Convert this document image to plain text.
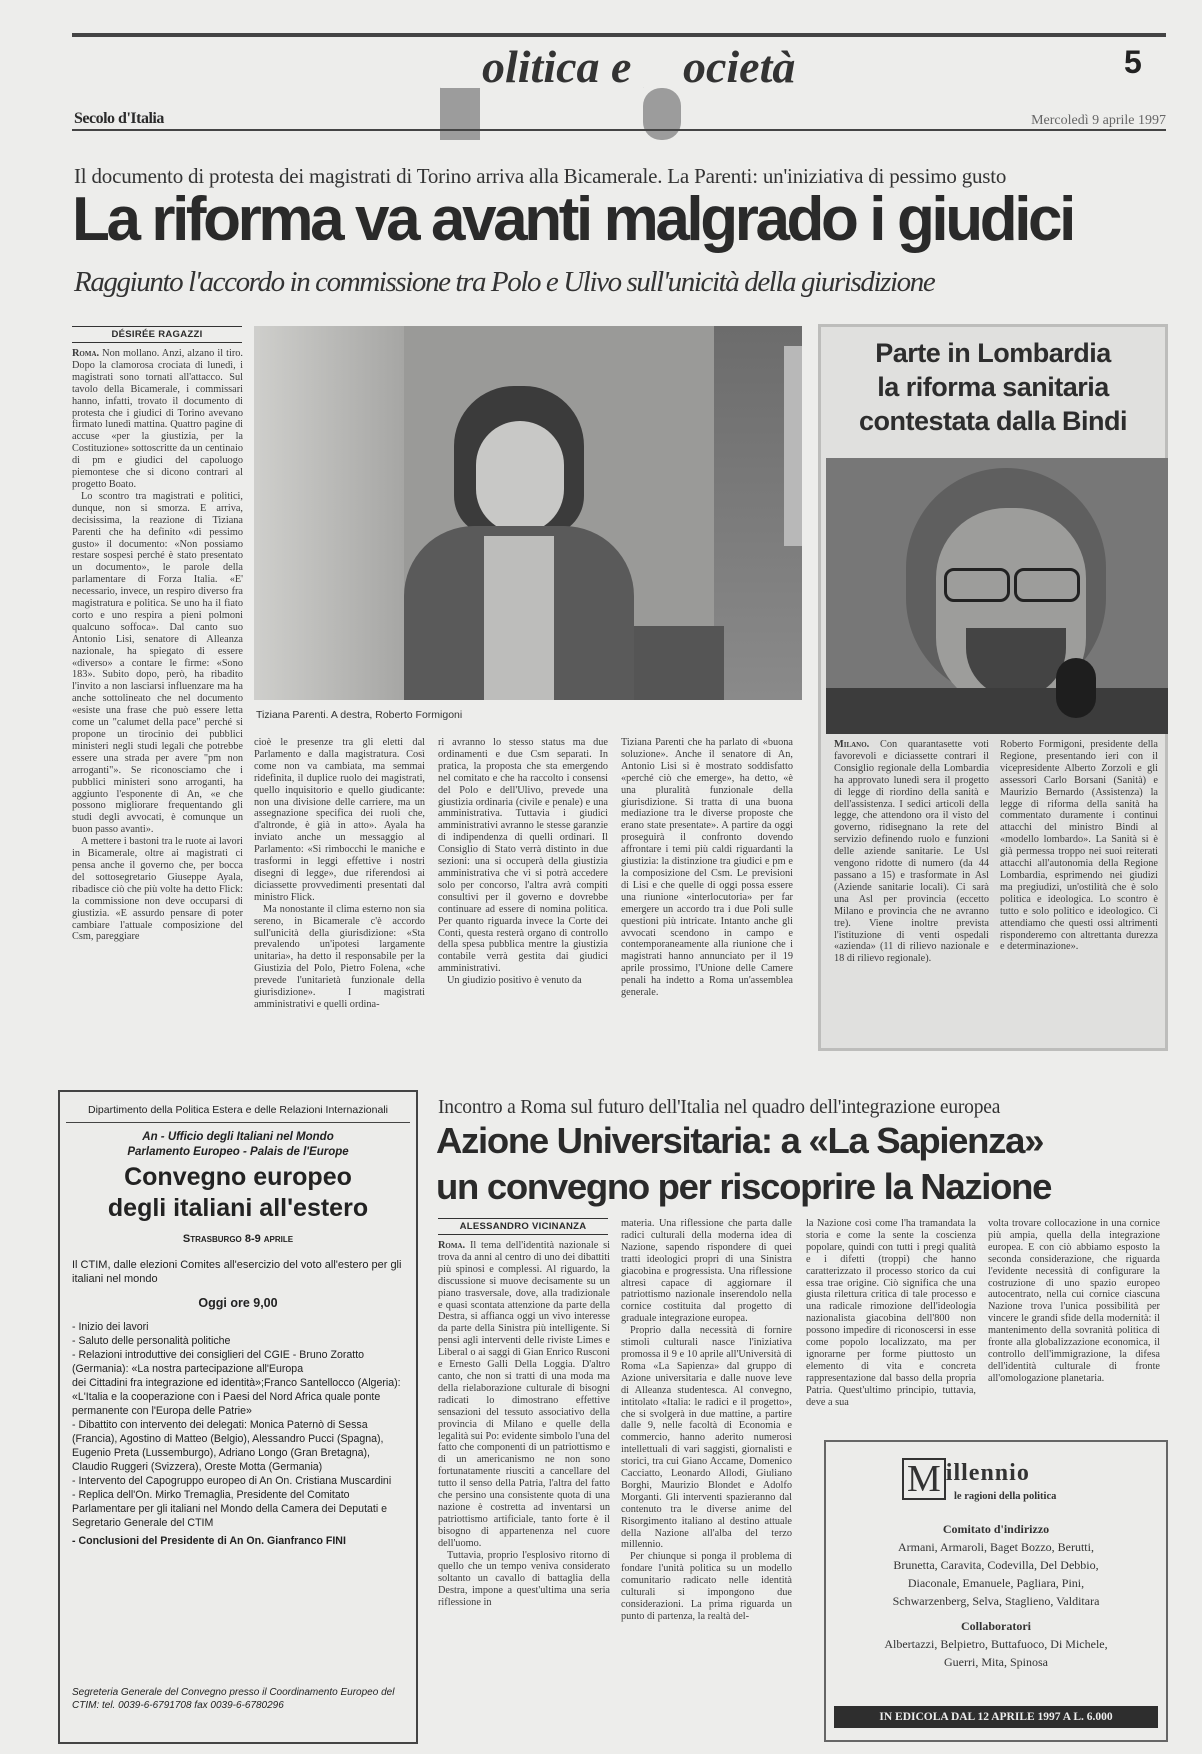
P olitica e S ocietà	5
Secolo d'Italia	Mercoledì 9 aprile 1997
Il documento di protesta dei magistrati di Torino arriva alla Bicamerale. La Parenti: un'iniziativa di pessimo gusto
La riforma va avanti malgrado i giudici
Raggiunto l'accordo in commissione tra Polo e Ulivo sull'unicità della giurisdizione
DÉSIRÉE RAGAZZI

Roma. Non mollano. Anzi, alzano il tiro. Dopo la clamorosa crociata di lunedì, i magistrati sono tornati all'attacco. Sul tavolo della Bicamerale, i commissari hanno, infatti, trovato il documento di protesta che i giudici di Torino avevano firmato lunedì mattina. Quattro pagine di accuse «per la giustizia, per la Costituzione» sottoscritte da un centinaio di pm e giudici del capoluogo piemontese che si dicono contrari al progetto Boato.

Lo scontro tra magistrati e politici, dunque, non si smorza. E arriva, decisissima, la reazione di Tiziana Parenti che ha definito «di pessimo gusto» il documento: «Non possiamo restare sospesi perché è stato presentato un documento», le parole della parlamentare di Forza Italia. «E' necessario, invece, un respiro diverso fra magistratura e politica. Se uno ha il fiato corto e uno respira a pieni polmoni qualcuno soffoca». Dal canto suo Antonio Lisi, senatore di Alleanza nazionale, ha spiegato di essere «diverso» a contare le firme: «Sono 183». Subito dopo, però, ha ribadito l'invito a non lasciarsi influenzare ma ha anche sottolineato che nel documento «esiste una frase che può essere letta come un "calumet della pace" perché si propone un tirocinio dei pubblici ministeri negli studi legali che potrebbe essere una strada per avere "pm non arroganti"». Se riconosciamo che i pubblici ministeri sono arroganti, ha aggiunto l'esponente di An, «e che possono migliorare frequentando gli studi degli avvocati, è comunque un buon passo avanti».

A mettere i bastoni tra le ruote ai lavori in Bicamerale, oltre ai magistrati ci pensa anche il governo che, per bocca del sottosegretario Giuseppe Ayala, ribadisce ciò che più volte ha detto Flick: la commissione non deve occuparsi di giustizia. «E assurdo pensare di poter cambiare l'attuale composizione del Csm, pareggiare

Tiziana Parenti. A destra, Roberto Formigoni

cioè le presenze tra gli eletti dal Parlamento e dalla magistratura. Così come non va cambiata, ma semmai ridefinita, il duplice ruolo dei magistrati, quello inquisitorio e quello giudicante: non una divisione delle carriere, ma un assegnazione specifica dei ruoli che, d'altronde, è già in atto». Ayala ha inviato anche un messaggio al Parlamento: «Si rimbocchi le maniche e trasformi in leggi effettive i nostri disegni di legge», due riferendosi ai diciassette provvedimenti presentati dal ministro Flick.

Ma nonostante il clima esterno non sia sereno, in Bicamerale c'è accordo sull'unicità della giurisdizione: «Sta prevalendo un'ipotesi largamente unitaria», ha detto il responsabile per la Giustizia del Polo, Pietro Folena, «che prevede l'unitarietà funzionale della giurisdizione». I magistrati amministrativi e quelli ordina-

ri avranno lo stesso status ma due ordinamenti e due Csm separati. In pratica, la proposta che sta emergendo nel comitato e che ha raccolto i consensi del Polo e dell'Ulivo, prevede una giustizia ordinaria (civile e penale) e una amministrativa. Tuttavia i giudici amministrativi avranno le stesse garanzie di indipendenza di quelli ordinari. Il Consiglio di Stato verrà distinto in due sezioni: una si occuperà della giustizia amministrativa che vi si potrà accedere solo per concorso, l'altra avrà compiti consultivi per il governo e dovrebbe continuare ad essere di nomina politica. Per quanto riguarda invece la Corte dei Conti, questa resterà organo di controllo della spesa pubblica mentre la giustizia contabile verrà gestita dai giudici amministrativi.

Un giudizio positivo è venuto da

Tiziana Parenti che ha parlato di «buona soluzione». Anche il senatore di An, Antonio Lisi si è mostrato soddisfatto «perché ciò che emerge», ha detto, «è una pluralità funzionale della giurisdizione. Si tratta di una buona mediazione tra le diverse proposte che erano state presentate». A partire da oggi proseguirà il confronto dovendo affrontare i temi più caldi riguardanti la giustizia: la distinzione tra giudici e pm e la composizione del Csm. Le previsioni di Lisi e che quelle di oggi possa essere una riunione «interlocutoria» per far emergere un accordo tra i due Poli sulle questioni più intricate. Intanto anche gli avvocati scendono in campo e contemporaneamente alla riunione che i magistrati hanno annunciato per il 19 aprile prossimo, l'Unione delle Camere penali ha indetto a Roma un'assemblea generale.

Parte in Lombardia
la riforma sanitaria
contestata dalla Bindi

Milano. Con quarantasette voti favorevoli e diciassette contrari il Consiglio regionale della Lombardia ha approvato lunedì sera il progetto di legge di riordino della sanità e dell'assistenza. I sedici articoli della legge, che attendono ora il visto del governo, ridisegnano la rete del servizio definendo ruolo e funzioni delle aziende sanitarie. Le Usl vengono ridotte di numero (da 44 passano a 15) e trasformate in Asl (Aziende sanitarie locali). Ci sarà una Asl per provincia (eccetto Milano e provincia che ne avranno tre). Viene inoltre prevista l'istituzione di venti ospedali «azienda» (11 di rilievo nazionale e 18 di rilievo regionale).

Roberto Formigoni, presidente della Regione, presentando ieri con il vicepresidente Alberto Zorzoli e gli assessori Carlo Borsani (Sanità) e Maurizio Bernardo (Assistenza) la legge di riforma della sanità ha commentato duramente i continui attacchi del ministro Bindi al «modello lombardo». La Sanità si è già permessa troppo nei suoi reiterati attacchi all'autonomia della Regione Lombardia, esprimendo nei giudizi ma pregiudizi, un'ostilità che è solo politica e ideologica. Lo scontro è tutto e solo politico e ideologico. Ci attendiamo che questi ossi altrimenti risponderemo con altrettanta durezza e determinazione».

Dipartimento della Politica Estera e delle Relazioni Internazionali
An - Ufficio degli Italiani nel Mondo
Parlamento Europeo - Palais de l'Europe
Convegno europeo
degli italiani all'estero
Strasburgo 8-9 aprile
Il CTIM, dalle elezioni Comites all'esercizio del voto all'estero per gli italiani nel mondo
Oggi ore 9,00
- Inizio dei lavori
- Saluto delle personalità politiche
- Relazioni introduttive dei consiglieri del CGIE - Bruno Zoratto (Germania): «La nostra partecipazione all'Europa
dei Cittadini fra integrazione ed identità»;Franco Santellocco (Algeria): «L'Italia e la cooperazione con i Paesi del Nord Africa quale ponte permanente con l'Europa delle Patrie»
- Dibattito con intervento dei delegati: Monica Paternò di Sessa (Francia), Agostino di Matteo (Belgio), Alessandro Pucci (Spagna), Eugenio Preta (Lussemburgo), Adriano Longo (Gran Bretagna), Claudio Ruggeri (Svizzera), Oreste Motta (Germania)
- Intervento del Capogruppo europeo di An On. Cristiana Muscardini
- Replica dell'On. Mirko Tremaglia, Presidente del Comitato Parlamentare per gli italiani nel Mondo della Camera dei Deputati e Segretario Generale del CTIM
- Conclusioni del Presidente di An On. Gianfranco FINI
Segreteria Generale del Convegno presso il Coordinamento Europeo del CTIM: tel. 0039-6-6791708 fax 0039-6-6780296
Incontro a Roma sul futuro dell'Italia nel quadro dell'integrazione europea
Azione Universitaria: a «La Sapienza»
un convegno per riscoprire la Nazione
ALESSANDRO VICINANZA

Roma. Il tema dell'identità nazionale si trova da anni al centro di uno dei dibattiti più spinosi e complessi. Al riguardo, la discussione si muove decisamente su un piano trasversale, dove, alla tradizionale e quasi scontata attenzione da parte della Destra, si affianca oggi un vivo interesse da parte della Sinistra più intelligente. Si pensi agli interventi delle riviste Limes e Liberal o ai saggi di Gian Enrico Rusconi e Ernesto Galli Della Loggia. D'altro canto, che non si tratti di una moda ma della rielaborazione culturale di bisogni radicati lo dimostrano effettive sensazioni del tessuto associativo della provincia di Milano e quelle della legalità sui Po: evidente simbolo l'una del fatto che componenti di un patriottismo e di un americanismo ne non sono fortunatamente riusciti a cancellare del tutto il senso della Patria, l'altra del fatto che persino una consistente quota di una nazione è costretta ad inventarsi un patriottismo artificiale, tanto forte è il bisogno di appartenenza nel cuore dell'uomo.

Tuttavia, proprio l'esplosivo ritorno di quello che un tempo veniva considerato soltanto un cavallo di battaglia della Destra, impone a quest'ultima una seria riflessione in

materia. Una riflessione che parta dalle radici culturali della moderna idea di Nazione, sapendo rispondere di quei tratti ideologici propri di una Sinistra giacobina e progressista. Una riflessione altresì capace di aggiornare il patriottismo nazionale inserendolo nella cornice costituita dal progetto di graduale integrazione europea.

Proprio dalla necessità di fornire stimoli culturali nasce l'iniziativa promossa il 9 e 10 aprile all'Università di Roma «La Sapienza» dal gruppo di Azione universitaria e dalle nuove leve di Alleanza studentesca. Al convegno, intitolato «Italia: le radici e il progetto», che si svolgerà in due mattine, a partire dalle 9, nelle facoltà di Economia e commercio, hanno aderito numerosi intellettuali di vari saggisti, giornalisti e storici, tra cui Giano Accame, Domenico Cacciatto, Leonardo Allodi, Giuliano Borghi, Maurizio Blondet e Adolfo Morganti. Gli interventi spazieranno dal contenuto tra le diverse anime del Risorgimento italiano al destino attuale della Nazione all'alba del terzo millennio.

Per chiunque si ponga il problema di fondare l'unità politica su un modello comunitario radicato nelle identità culturali si impongono due considerazioni. La prima riguarda un punto di partenza, la realtà del-

la Nazione così come l'ha tramandata la storia e come la sente la coscienza popolare, quindi con tutti i pregi qualità e i difetti (troppi) che hanno caratterizzato il processo storico da cui essa trae origine. Ciò significa che una giusta rilettura critica di tale processo e una radicale rimozione dell'ideologia nazionalista giacobina dell'800 non possono impedire di riconoscersi in esse come popolo localizzato, ma per ignorarne per forme piuttosto un elemento di vita e concreta rappresentazione dal basso della propria Patria. Quest'ultimo principio, tuttavia, deve a sua

volta trovare collocazione in una cornice più ampia, quella della integrazione europea. E con ciò abbiamo esposto la seconda considerazione, che riguarda l'evidente necessità di configurare la costruzione di uno spazio europeo autocentrato, nella cui cornice ciascuna Nazione trova l'unica possibilità per vincere le grandi sfide della modernità: il mantenimento della sovranità politica di fronte alla globalizzazione economica, il controllo dell'immigrazione, la difesa dell'identità culturale di fronte all'omologazione planetaria.

M illennio
le ragioni della politica
Comitato d'indirizzo
Armani, Armaroli, Baget Bozzo, Berutti,
Brunetta, Caravita, Codevilla, Del Debbio,
Diaconale, Emanuele, Pagliara, Pini,
Schwarzenberg, Selva, Staglieno, Valditara
Collaboratori
Albertazzi, Belpietro, Buttafuoco, Di Michele,
Guerri, Mita, Spinosa
IN EDICOLA DAL 12 APRILE 1997 A L. 6.000
